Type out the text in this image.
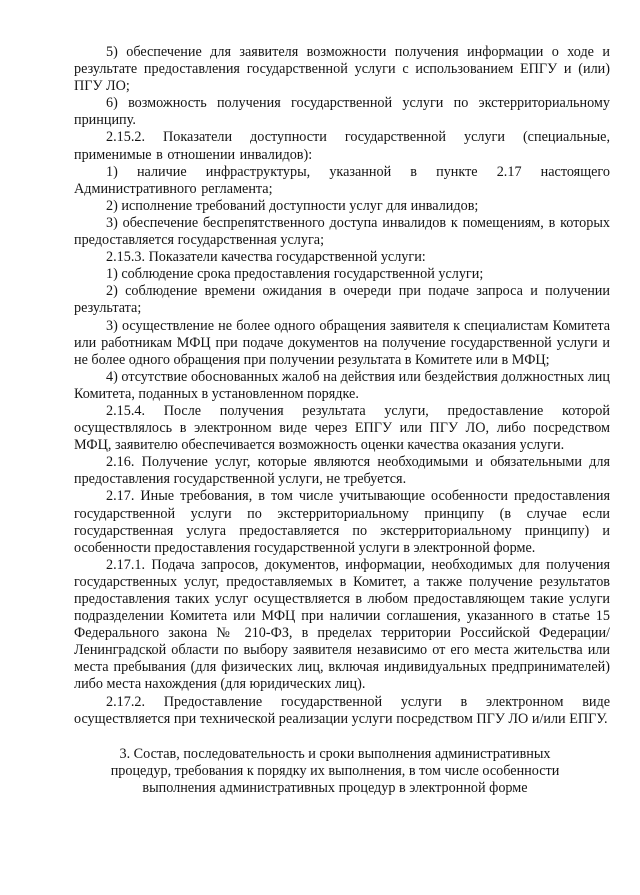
5) обеспечение для заявителя возможности получения информации о ходе и результате предоставления государственной услуги с использованием ЕПГУ и (или) ПГУ ЛО;

6) возможность получения государственной услуги по экстерриториальному принципу.

2.15.2. Показатели доступности государственной услуги (специальные, применимые в отношении инвалидов):

1) наличие инфраструктуры, указанной в пункте 2.17 настоящего Административного регламента;

2) исполнение требований доступности услуг для инвалидов;

3) обеспечение беспрепятственного доступа инвалидов к помещениям, в которых предоставляется государственная услуга;

2.15.3. Показатели качества государственной услуги:

1) соблюдение срока предоставления государственной услуги;

2) соблюдение времени ожидания в очереди при подаче запроса и получении результата;

3) осуществление не более одного обращения заявителя к специалистам Комитета или работникам МФЦ при подаче документов на получение государственной услуги и не более одного обращения при получении результата в Комитете или в МФЦ;

4) отсутствие обоснованных жалоб на действия или бездействия должностных лиц Комитета, поданных в установленном порядке.

2.15.4. После получения результата услуги, предоставление которой осуществлялось в электронном виде через ЕПГУ или ПГУ ЛО, либо посредством МФЦ, заявителю обеспечивается возможность оценки качества оказания услуги.

2.16. Получение услуг, которые являются необходимыми и обязательными для предоставления государственной услуги, не требуется.

2.17. Иные требования, в том числе учитывающие особенности предоставления государственной услуги по экстерриториальному принципу (в случае если государственная услуга предоставляется по экстерриториальному принципу) и особенности предоставления государственной услуги в электронной форме.

2.17.1. Подача запросов, документов, информации, необходимых для получения государственных услуг, предоставляемых в Комитет, а также получение результатов предоставления таких услуг осуществляется в любом предоставляющем такие услуги подразделении Комитета или МФЦ при наличии соглашения, указанного в статье 15 Федерального закона № 210-ФЗ, в пределах территории Российской Федерации/Ленинградской области по выбору заявителя независимо от его места жительства или места пребывания (для физических лиц, включая индивидуальных предпринимателей) либо места нахождения (для юридических лиц).

2.17.2. Предоставление государственной услуги в электронном виде осуществляется при технической реализации услуги посредством ПГУ ЛО и/или ЕПГУ.

3. Состав, последовательность и сроки выполнения административных
процедур, требования к порядку их выполнения, в том числе особенности
выполнения административных процедур в электронной форме
